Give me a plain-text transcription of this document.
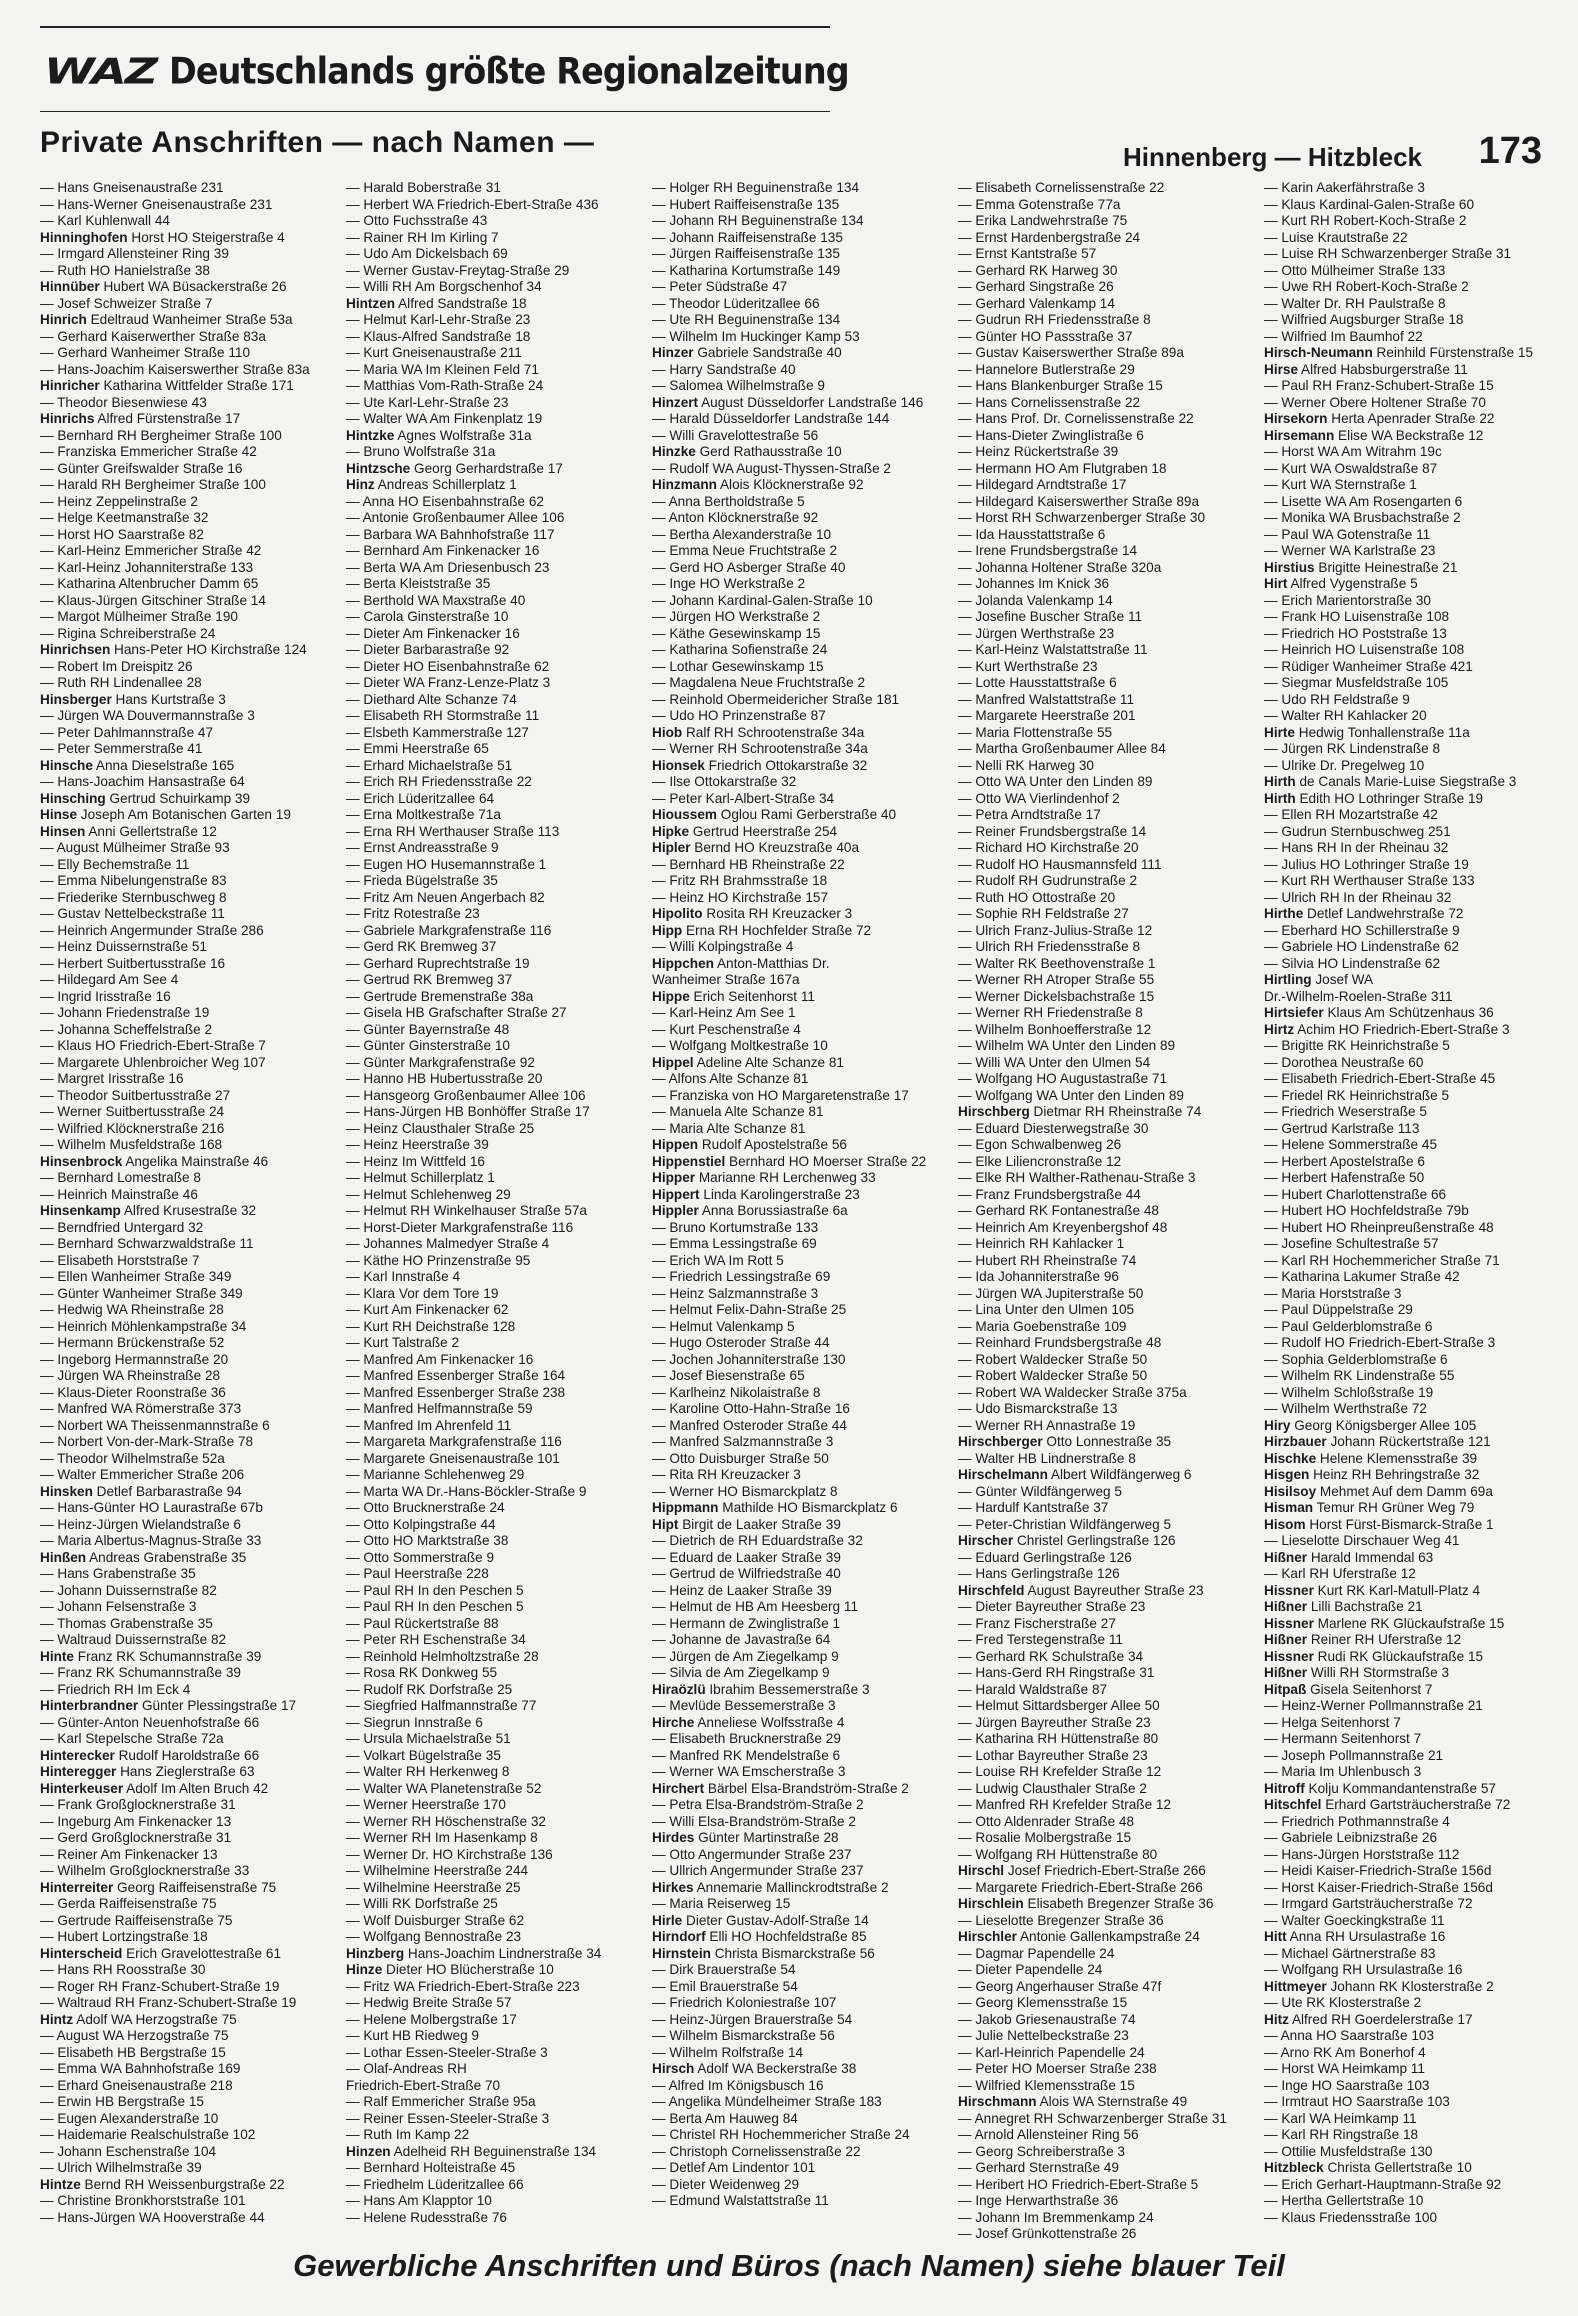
WAZ Deutschlands größte Regionalzeitung
Private Anschriften — nach Namen —	Hinnenberg — Hitzbleck 173
— Hans Gneisenaustraße 231
— Hans-Werner Gneisenaustraße 231
— Karl Kuhlenwall 44
Hinninghofen Horst HO Steigerstraße 4
— Irmgard Allensteiner Ring 39
— Ruth HO Hanielstraße 38
Hinnüber Hubert WA Büsackerstraße 26
— Josef Schweizer Straße 7
Hinrich Edeltraud Wanheimer Straße 53a
— Gerhard Kaiserwerther Straße 83a
— Gerhard Wanheimer Straße 110
— Hans-Joachim Kaiserswerther Straße 83a
Hinricher Katharina Wittfelder Straße 171
— Theodor Biesenwiese 43
Hinrichs Alfred Fürstenstraße 17
— Bernhard RH Bergheimer Straße 100
— Franziska Emmericher Straße 42
— Günter Greifswalder Straße 16
— Harald RH Bergheimer Straße 100
— Heinz Zeppelinstraße 2
— Helge Keetmanstraße 32
— Horst HO Saarstraße 82
— Karl-Heinz Emmericher Straße 42
— Karl-Heinz Johanniterstraße 133
— Katharina Altenbrucher Damm 65
— Klaus-Jürgen Gitschiner Straße 14
— Margot Mülheimer Straße 190
— Rigina Schreiberstraße 24
Hinrichsen Hans-Peter HO Kirchstraße 124
— Robert Im Dreispitz 26
— Ruth RH Lindenallee 28
Hinsberger Hans Kurtstraße 3
— Jürgen WA Douvermannstraße 3
— Peter Dahlmannstraße 47
— Peter Semmerstraße 41
Hinsche Anna Dieselstraße 165
— Hans-Joachim Hansastraße 64
Hinsching Gertrud Schuirkamp 39
Hinse Joseph Am Botanischen Garten 19
Hinsen Anni Gellertstraße 12
— August Mülheimer Straße 93
— Elly Bechemstraße 11
— Emma Nibelungenstraße 83
— Friederike Sternbuschweg 8
— Gustav Nettelbeckstraße 11
— Heinrich Angermunder Straße 286
— Heinz Duissernstraße 51
— Herbert Suitbertusstraße 16
— Hildegard Am See 4
— Ingrid Irisstraße 16
— Johann Friedenstraße 19
— Johanna Scheffelstraße 2
— Klaus HO Friedrich-Ebert-Straße 7
— Margarete Uhlenbroicher Weg 107
— Margret Irisstraße 16
— Theodor Suitbertusstraße 27
— Werner Suitbertusstraße 24
— Wilfried Klöcknerstraße 216
— Wilhelm Musfeldstraße 168
Hinsenbrock Angelika Mainstraße 46
— Bernhard Lomestraße 8
— Heinrich Mainstraße 46
Hinsenkamp Alfred Krusestraße 32
— Berndfried Untergard 32
— Bernhard Schwarzwaldstraße 11
— Elisabeth Horststraße 7
— Ellen Wanheimer Straße 349
— Günter Wanheimer Straße 349
— Hedwig WA Rheinstraße 28
— Heinrich Möhlenkampstraße 34
— Hermann Brückenstraße 52
— Ingeborg Hermannstraße 20
— Jürgen WA Rheinstraße 28
— Klaus-Dieter Roonstraße 36
— Manfred WA Römerstraße 373
— Norbert WA Theissenmannstraße 6
— Norbert Von-der-Mark-Straße 78
— Theodor Wilhelmstraße 52a
— Walter Emmericher Straße 206
Hinsken Detlef Barbarastraße 94
— Hans-Günter HO Laurastraße 67b
— Heinz-Jürgen Wielandstraße 6
— Maria Albertus-Magnus-Straße 33
Hinßen Andreas Grabenstraße 35
— Hans Grabenstraße 35
— Johann Duissernstraße 82
— Johann Felsenstraße 3
— Thomas Grabenstraße 35
— Waltraud Duissernstraße 82
Hinte Franz RK Schumannstraße 39
— Franz RK Schumannstraße 39
— Friedrich RH Im Eck 4
Hinterbrandner Günter Plessingstraße 17
— Günter-Anton Neuenhofstraße 66
— Karl Stepelsche Straße 72a
Hinterecker Rudolf Haroldstraße 66
Hinteregger Hans Zieglerstraße 63
Hinterkeuser Adolf Im Alten Bruch 42
— Frank Großglocknerstraße 31
— Ingeburg Am Finkenacker 13
— Gerd Großglocknerstraße 31
— Reiner Am Finkenacker 13
— Wilhelm Großglocknerstraße 33
Hinterreiter Georg Raiffeisenstraße 75
— Gerda Raiffeisenstraße 75
— Gertrude Raiffeisenstraße 75
— Hubert Lortzingstraße 18
Hinterscheid Erich Gravelottestraße 61
— Hans RH Roosstraße 30
— Roger RH Franz-Schubert-Straße 19
— Waltraud RH Franz-Schubert-Straße 19
Hintz Adolf WA Herzogstraße 75
— August WA Herzogstraße 75
— Elisabeth HB Bergstraße 15
— Emma WA Bahnhofstraße 169
— Erhard Gneisenaustraße 218
— Erwin HB Bergstraße 15
— Eugen Alexanderstraße 10
— Haidemarie Realschulstraße 102
— Johann Eschenstraße 104
— Ulrich Wilhelmstraße 39
Hintze Bernd RH Weissenburgstraße 22
— Christine Bronkhorststraße 101
— Hans-Jürgen WA Hooverstraße 44
— Harald Boberstraße 31
— Herbert WA Friedrich-Ebert-Straße 436
— Otto Fuchsstraße 43
— Rainer RH Im Kirling 7
— Udo Am Dickelsbach 69
— Werner Gustav-Freytag-Straße 29
— Willi RH Am Borgschenhof 34
Hintzen Alfred Sandstraße 18
— Helmut Karl-Lehr-Straße 23
— Klaus-Alfred Sandstraße 18
— Kurt Gneisenaustraße 211
— Maria WA Im Kleinen Feld 71
— Matthias Vom-Rath-Straße 24
— Ute Karl-Lehr-Straße 23
— Walter WA Am Finkenplatz 19
Hintzke Agnes Wolfstraße 31a
— Bruno Wolfstraße 31a
Hintzsche Georg Gerhardstraße 17
Hinz Andreas Schillerplatz 1
— Anna HO Eisenbahnstraße 62
— Antonie Großenbaumer Allee 106
— Barbara WA Bahnhofstraße 117
— Bernhard Am Finkenacker 16
— Berta WA Am Driesenbusch 23
— Berta Kleiststraße 35
— Berthold WA Maxstraße 40
— Carola Ginsterstraße 10
— Dieter Am Finkenacker 16
— Dieter Barbarastraße 92
— Dieter HO Eisenbahnstraße 62
— Dieter WA Franz-Lenze-Platz 3
— Diethard Alte Schanze 74
— Elisabeth RH Stormstraße 11
— Elsbeth Kammerstraße 127
— Emmi Heerstraße 65
— Erhard Michaelstraße 51
— Erich RH Friedensstraße 22
— Erich Lüderitzallee 64
— Erna Moltkestraße 71a
— Erna RH Werthauser Straße 113
— Ernst Andreasstraße 9
— Eugen HO Husemannstraße 1
— Frieda Bügelstraße 35
— Fritz Am Neuen Angerbach 82
— Fritz Rotestraße 23
— Gabriele Markgrafenstraße 116
— Gerd RK Bremweg 37
— Gerhard Ruprechtstraße 19
— Gertrud RK Bremweg 37
— Gertrude Bremenstraße 38a
— Gisela HB Grafschafter Straße 27
— Günter Bayernstraße 48
— Günter Ginsterstraße 10
— Günter Markgrafenstraße 92
— Hanno HB Hubertusstraße 20
— Hansgeorg Großenbaumer Allee 106
— Hans-Jürgen HB Bonhöffer Straße 17
— Heinz Clausthaler Straße 25
— Heinz Heerstraße 39
— Heinz Im Wittfeld 16
— Helmut Schillerplatz 1
— Helmut Schlehenweg 29
— Helmut RH Winkelhauser Straße 57a
— Horst-Dieter Markgrafenstraße 116
— Johannes Malmedyer Straße 4
— Käthe HO Prinzenstraße 95
— Karl Innstraße 4
— Klara Vor dem Tore 19
— Kurt Am Finkenacker 62
— Kurt RH Deichstraße 128
— Kurt Talstraße 2
— Manfred Am Finkenacker 16
— Manfred Essenberger Straße 164
— Manfred Essenberger Straße 238
— Manfred Helfmannstraße 59
— Manfred Im Ahrenfeld 11
— Margareta Markgrafenstraße 116
— Margarete Gneisenaustraße 101
— Marianne Schlehenweg 29
— Marta WA Dr.-Hans-Böckler-Straße 9
— Otto Brucknerstraße 24
— Otto Kolpingstraße 44
— Otto HO Marktstraße 38
— Otto Sommerstraße 9
— Paul Heerstraße 228
— Paul RH In den Peschen 5
— Paul RH In den Peschen 5
— Paul Rückertstraße 88
— Peter RH Eschenstraße 34
— Reinhold Helmholtzstraße 28
— Rosa RK Donkweg 55
— Rudolf RK Dorfstraße 25
— Siegfried Halfmannstraße 77
— Siegrun Innstraße 6
— Ursula Michaelstraße 51
— Volkart Bügelstraße 35
— Walter RH Herkenweg 8
— Walter WA Planetenstraße 52
— Werner Heerstraße 170
— Werner RH Höschenstraße 32
— Werner RH Im Hasenkamp 8
— Werner Dr. HO Kirchstraße 136
— Wilhelmine Heerstraße 244
— Wilhelmine Heerstraße 25
— Willi RK Dorfstraße 25
— Wolf Duisburger Straße 62
— Wolfgang Bennostraße 23
Hinzberg Hans-Joachim Lindnerstraße 34
Hinze Dieter HO Blücherstraße 10
— Fritz WA Friedrich-Ebert-Straße 223
— Hedwig Breite Straße 57
— Helene Molbergstraße 17
— Kurt HB Riedweg 9
— Lothar Essen-Steeler-Straße 3
— Olaf-Andreas RH
Friedrich-Ebert-Straße 70
— Ralf Emmericher Straße 95a
— Reiner Essen-Steeler-Straße 3
— Ruth Im Kamp 22
Hinzen Adelheid RH Beguinenstraße 134
— Bernhard Holteistraße 45
— Friedhelm Lüderitzallee 66
— Hans Am Klapptor 10
— Helene Rudesstraße 76
— Holger RH Beguinenstraße 134
— Hubert Raiffeisenstraße 135
— Johann RH Beguinenstraße 134
— Johann Raiffeisenstraße 135
— Jürgen Raiffeisenstraße 135
— Katharina Kortumstraße 149
— Peter Südstraße 47
— Theodor Lüderitzallee 66
— Ute RH Beguinenstraße 134
— Wilhelm Im Huckinger Kamp 53
Hinzer Gabriele Sandstraße 40
— Harry Sandstraße 40
— Salomea Wilhelmstraße 9
Hinzert August Düsseldorfer Landstraße 146
— Harald Düsseldorfer Landstraße 144
— Willi Gravelottestraße 56
Hinzke Gerd Rathausstraße 10
— Rudolf WA August-Thyssen-Straße 2
Hinzmann Alois Klöcknerstraße 92
— Anna Bertholdstraße 5
— Anton Klöcknerstraße 92
— Bertha Alexanderstraße 10
— Emma Neue Fruchtstraße 2
— Gerd HO Asberger Straße 40
— Inge HO Werkstraße 2
— Johann Kardinal-Galen-Straße 10
— Jürgen HO Werkstraße 2
— Käthe Gesewinskamp 15
— Katharina Sofienstraße 24
— Lothar Gesewinskamp 15
— Magdalena Neue Fruchtstraße 2
— Reinhold Obermeidericher Straße 181
— Udo HO Prinzenstraße 87
Hiob Ralf RH Schrootenstraße 34a
— Werner RH Schrootenstraße 34a
Hionsek Friedrich Ottokarstraße 32
— Ilse Ottokarstraße 32
— Peter Karl-Albert-Straße 34
Hioussem Oglou Rami Gerberstraße 40
Hipke Gertrud Heerstraße 254
Hipler Bernd HO Kreuzstraße 40a
— Bernhard HB Rheinstraße 22
— Fritz RH Brahmsstraße 18
— Heinz HO Kirchstraße 157
Hipolito Rosita RH Kreuzacker 3
Hipp Erna RH Hochfelder Straße 72
— Willi Kolpingstraße 4
Hippchen Anton-Matthias Dr.
Wanheimer Straße 167a
Hippe Erich Seitenhorst 11
— Karl-Heinz Am See 1
— Kurt Peschenstraße 4
— Wolfgang Moltkestraße 10
Hippel Adeline Alte Schanze 81
— Alfons Alte Schanze 81
— Franziska von HO Margaretenstraße 17
— Manuela Alte Schanze 81
— Maria Alte Schanze 81
Hippen Rudolf Apostelstraße 56
Hippenstiel Bernhard HO Moerser Straße 22
Hipper Marianne RH Lerchenweg 33
Hippert Linda Karolingerstraße 23
Hippler Anna Borussiastraße 6a
— Bruno Kortumstraße 133
— Emma Lessingstraße 69
— Erich WA Im Rott 5
— Friedrich Lessingstraße 69
— Heinz Salzmannstraße 3
— Helmut Felix-Dahn-Straße 25
— Helmut Valenkamp 5
— Hugo Osteroder Straße 44
— Jochen Johanniterstraße 130
— Josef Biesenstraße 65
— Karlheinz Nikolaistraße 8
— Karoline Otto-Hahn-Straße 16
— Manfred Osteroder Straße 44
— Manfred Salzmannstraße 3
— Otto Duisburger Straße 50
— Rita RH Kreuzacker 3
— Werner HO Bismarckplatz 8
Hippmann Mathilde HO Bismarckplatz 6
Hipt Birgit de Laaker Straße 39
— Dietrich de RH Eduardstraße 32
— Eduard de Laaker Straße 39
— Gertrud de Wilfriedstraße 40
— Heinz de Laaker Straße 39
— Helmut de HB Am Heesberg 11
— Hermann de Zwinglistraße 1
— Johanne de Javastraße 64
— Jürgen de Am Ziegelkamp 9
— Silvia de Am Ziegelkamp 9
Hiraözlü Ibrahim Bessemerstraße 3
— Mevlüde Bessemerstraße 3
Hirche Anneliese Wolfsstraße 4
— Elisabeth Brucknerstraße 29
— Manfred RK Mendelstraße 6
— Werner WA Emscherstraße 3
Hirchert Bärbel Elsa-Brandström-Straße 2
— Petra Elsa-Brandström-Straße 2
— Willi Elsa-Brandström-Straße 2
Hirdes Günter Martinstraße 28
— Otto Angermunder Straße 237
— Ullrich Angermunder Straße 237
Hirkes Annemarie Mallinckrodtstraße 2
— Maria Reiserweg 15
Hirle Dieter Gustav-Adolf-Straße 14
Hirndorf Elli HO Hochfeldstraße 85
Hirnstein Christa Bismarckstraße 56
— Dirk Brauerstraße 54
— Emil Brauerstraße 54
— Friedrich Koloniestraße 107
— Heinz-Jürgen Brauerstraße 54
— Wilhelm Bismarckstraße 56
— Wilhelm Rolfstraße 14
Hirsch Adolf WA Beckerstraße 38
— Alfred Im Königsbusch 16
— Angelika Mündelheimer Straße 183
— Berta Am Hauweg 84
— Christel RH Hochemmericher Straße 24
— Christoph Cornelissenstraße 22
— Detlef Am Lindentor 101
— Dieter Weidenweg 29
— Edmund Walstattstraße 11
— Elisabeth Cornelissenstraße 22
— Emma Gotenstraße 77a
— Erika Landwehrstraße 75
— Ernst Hardenbergstraße 24
— Ernst Kantstraße 57
— Gerhard RK Harweg 30
— Gerhard Singstraße 26
— Gerhard Valenkamp 14
— Gudrun RH Friedensstraße 8
— Günter HO Passstraße 37
— Gustav Kaiserswerther Straße 89a
— Hannelore Butlerstraße 29
— Hans Blankenburger Straße 15
— Hans Cornelissenstraße 22
— Hans Prof. Dr. Cornelissenstraße 22
— Hans-Dieter Zwinglistraße 6
— Heinz Rückertstraße 39
— Hermann HO Am Flutgraben 18
— Hildegard Arndtstraße 17
— Hildegard Kaiserswerther Straße 89a
— Horst RH Schwarzenberger Straße 30
— Ida Hausstattstraße 6
— Irene Frundsbergstraße 14
— Johanna Holtener Straße 320a
— Johannes Im Knick 36
— Jolanda Valenkamp 14
— Josefine Buscher Straße 11
— Jürgen Werthstraße 23
— Karl-Heinz Walstattstraße 11
— Kurt Werthstraße 23
— Lotte Hausstattstraße 6
— Manfred Walstattstraße 11
— Margarete Heerstraße 201
— Maria Flottenstraße 55
— Martha Großenbaumer Allee 84
— Nelli RK Harweg 30
— Otto WA Unter den Linden 89
— Otto WA Vierlindenhof 2
— Petra Arndtstraße 17
— Reiner Frundsbergstraße 14
— Richard HO Kirchstraße 20
— Rudolf HO Hausmannsfeld 111
— Rudolf RH Gudrunstraße 2
— Ruth HO Ottostraße 20
— Sophie RH Feldstraße 27
— Ulrich Franz-Julius-Straße 12
— Ulrich RH Friedensstraße 8
— Walter RK Beethovenstraße 1
— Werner RH Atroper Straße 55
— Werner Dickelsbachstraße 15
— Werner RH Friedenstraße 8
— Wilhelm Bonhoefferstraße 12
— Wilhelm WA Unter den Linden 89
— Willi WA Unter den Ulmen 54
— Wolfgang HO Augustastraße 71
— Wolfgang WA Unter den Linden 89
Hirschberg Dietmar RH Rheinstraße 74
— Eduard Diesterwegstraße 30
— Egon Schwalbenweg 26
— Elke Liliencronstraße 12
— Elke RH Walther-Rathenau-Straße 3
— Franz Frundsbergstraße 44
— Gerhard RK Fontanestraße 48
— Heinrich Am Kreyenbergshof 48
— Heinrich RH Kahlacker 1
— Hubert RH Rheinstraße 74
— Ida Johanniterstraße 96
— Jürgen WA Jupiterstraße 50
— Lina Unter den Ulmen 105
— Maria Goebenstraße 109
— Reinhard Frundsbergstraße 48
— Robert Waldecker Straße 50
— Robert Waldecker Straße 50
— Robert WA Waldecker Straße 375a
— Udo Bismarckstraße 13
— Werner RH Annastraße 19
Hirschberger Otto Lonnestraße 35
— Walter HB Lindnerstraße 8
Hirschelmann Albert Wildfängerweg 6
— Günter Wildfängerweg 5
— Hardulf Kantstraße 37
— Peter-Christian Wildfängerweg 5
Hirscher Christel Gerlingstraße 126
— Eduard Gerlingstraße 126
— Hans Gerlingstraße 126
Hirschfeld August Bayreuther Straße 23
— Dieter Bayreuther Straße 23
— Franz Fischerstraße 27
— Fred Terstegenstraße 11
— Gerhard RK Schulstraße 34
— Hans-Gerd RH Ringstraße 31
— Harald Waldstraße 87
— Helmut Sittardsberger Allee 50
— Jürgen Bayreuther Straße 23
— Katharina RH Hüttenstraße 80
— Lothar Bayreuther Straße 23
— Louise RH Krefelder Straße 12
— Ludwig Clausthaler Straße 2
— Manfred RH Krefelder Straße 12
— Otto Aldenrader Straße 48
— Rosalie Molbergstraße 15
— Wolfgang RH Hüttenstraße 80
Hirschl Josef Friedrich-Ebert-Straße 266
— Margarete Friedrich-Ebert-Straße 266
Hirschlein Elisabeth Bregenzer Straße 36
— Lieselotte Bregenzer Straße 36
Hirschler Antonie Gallenkampstraße 24
— Dagmar Papendelle 24
— Dieter Papendelle 24
— Georg Angerhauser Straße 47f
— Georg Klemensstraße 15
— Jakob Griesenaustraße 74
— Julie Nettelbeckstraße 23
— Karl-Heinrich Papendelle 24
— Peter HO Moerser Straße 238
— Wilfried Klemensstraße 15
Hirschmann Alois WA Sternstraße 49
— Annegret RH Schwarzenberger Straße 31
— Arnold Allensteiner Ring 56
— Georg Schreiberstraße 3
— Gerhard Sternstraße 49
— Heribert HO Friedrich-Ebert-Straße 5
— Inge Herwarthstraße 36
— Johann Im Bremmenkamp 24
— Josef Grünkottenstraße 26
— Karin Aakerfährstraße 3
— Klaus Kardinal-Galen-Straße 60
— Kurt RH Robert-Koch-Straße 2
— Luise Krautstraße 22
— Luise RH Schwarzenberger Straße 31
— Otto Mülheimer Straße 133
— Uwe RH Robert-Koch-Straße 2
— Walter Dr. RH Paulstraße 8
— Wilfried Augsburger Straße 18
— Wilfried Im Baumhof 22
Hirsch-Neumann Reinhild Fürstenstraße 15
Hirse Alfred Habsburgerstraße 11
— Paul RH Franz-Schubert-Straße 15
— Werner Obere Holtener Straße 70
Hirsekorn Herta Apenrader Straße 22
Hirsemann Elise WA Beckstraße 12
— Horst WA Am Witrahm 19c
— Kurt WA Oswaldstraße 87
— Kurt WA Sternstraße 1
— Lisette WA Am Rosengarten 6
— Monika WA Brusbachstraße 2
— Paul WA Gotenstraße 11
— Werner WA Karlstraße 23
Hirstius Brigitte Heinestraße 21
Hirt Alfred Vygenstraße 5
— Erich Marientorstraße 30
— Frank HO Luisenstraße 108
— Friedrich HO Poststraße 13
— Heinrich HO Luisenstraße 108
— Rüdiger Wanheimer Straße 421
— Siegmar Musfeldstraße 105
— Udo RH Feldstraße 9
— Walter RH Kahlacker 20
Hirte Hedwig Tonhallenstraße 11a
— Jürgen RK Lindenstraße 8
— Ulrike Dr. Pregelweg 10
Hirth de Canals Marie-Luise Siegstraße 3
Hirth Edith HO Lothringer Straße 19
— Ellen RH Mozartstraße 42
— Gudrun Sternbuschweg 251
— Hans RH In der Rheinau 32
— Julius HO Lothringer Straße 19
— Kurt RH Werthauser Straße 133
— Ulrich RH In der Rheinau 32
Hirthe Detlef Landwehrstraße 72
— Eberhard HO Schillerstraße 9
— Gabriele HO Lindenstraße 62
— Silvia HO Lindenstraße 62
Hirtling Josef WA
Dr.-Wilhelm-Roelen-Straße 311
Hirtsiefer Klaus Am Schützenhaus 36
Hirtz Achim HO Friedrich-Ebert-Straße 3
— Brigitte RK Heinrichstraße 5
— Dorothea Neustraße 60
— Elisabeth Friedrich-Ebert-Straße 45
— Friedel RK Heinrichstraße 5
— Friedrich Weserstraße 5
— Gertrud Karlstraße 113
— Helene Sommerstraße 45
— Herbert Apostelstraße 6
— Herbert Hafenstraße 50
— Hubert Charlottenstraße 66
— Hubert HO Hochfeldstraße 79b
— Hubert HO Rheinpreußenstraße 48
— Josefine Schultestraße 57
— Karl RH Hochemmericher Straße 71
— Katharina Lakumer Straße 42
— Maria Horststraße 3
— Paul Düppelstraße 29
— Paul Gelderblomstraße 6
— Rudolf HO Friedrich-Ebert-Straße 3
— Sophia Gelderblomstraße 6
— Wilhelm RK Lindenstraße 55
— Wilhelm Schloßstraße 19
— Wilhelm Werthstraße 72
Hiry Georg Königsberger Allee 105
Hirzbauer Johann Rückertstraße 121
Hischke Helene Klemensstraße 39
Hisgen Heinz RH Behringstraße 32
Hisilsoy Mehmet Auf dem Damm 69a
Hisman Temur RH Grüner Weg 79
Hisom Horst Fürst-Bismarck-Straße 1
— Lieselotte Dirschauer Weg 41
Hißner Harald Immendal 63
— Karl RH Uferstraße 12
Hissner Kurt RK Karl-Matull-Platz 4
Hißner Lilli Bachstraße 21
Hissner Marlene RK Glückaufstraße 15
Hißner Reiner RH Uferstraße 12
Hissner Rudi RK Glückaufstraße 15
Hißner Willi RH Stormstraße 3
Hitpaß Gisela Seitenhorst 7
— Heinz-Werner Pollmannstraße 21
— Helga Seitenhorst 7
— Hermann Seitenhorst 7
— Joseph Pollmannstraße 21
— Maria Im Uhlenbusch 3
Hitroff Kolju Kommandantenstraße 57
Hitschfel Erhard Gartsträucherstraße 72
— Friedrich Pothmannstraße 4
— Gabriele Leibnizstraße 26
— Hans-Jürgen Horststraße 112
— Heidi Kaiser-Friedrich-Straße 156d
— Horst Kaiser-Friedrich-Straße 156d
— Irmgard Gartsträucherstraße 72
— Walter Goeckingkstraße 11
Hitt Anna RH Ursulastraße 16
— Michael Gärtnerstraße 83
— Wolfgang RH Ursulastraße 16
Hittmeyer Johann RK Klosterstraße 2
— Ute RK Klosterstraße 2
Hitz Alfred RH Goerdelerstraße 17
— Anna HO Saarstraße 103
— Arno RK Am Bonerhof 4
— Horst WA Heimkamp 11
— Inge HO Saarstraße 103
— Irmtraut HO Saarstraße 103
— Karl WA Heimkamp 11
— Karl RH Ringstraße 18
— Ottilie Musfeldstraße 130
Hitzbleck Christa Gellertstraße 10
— Erich Gerhart-Hauptmann-Straße 92
— Hertha Gellertstraße 10
— Klaus Friedensstraße 100
Gewerbliche Anschriften und Büros (nach Namen) siehe blauer Teil
